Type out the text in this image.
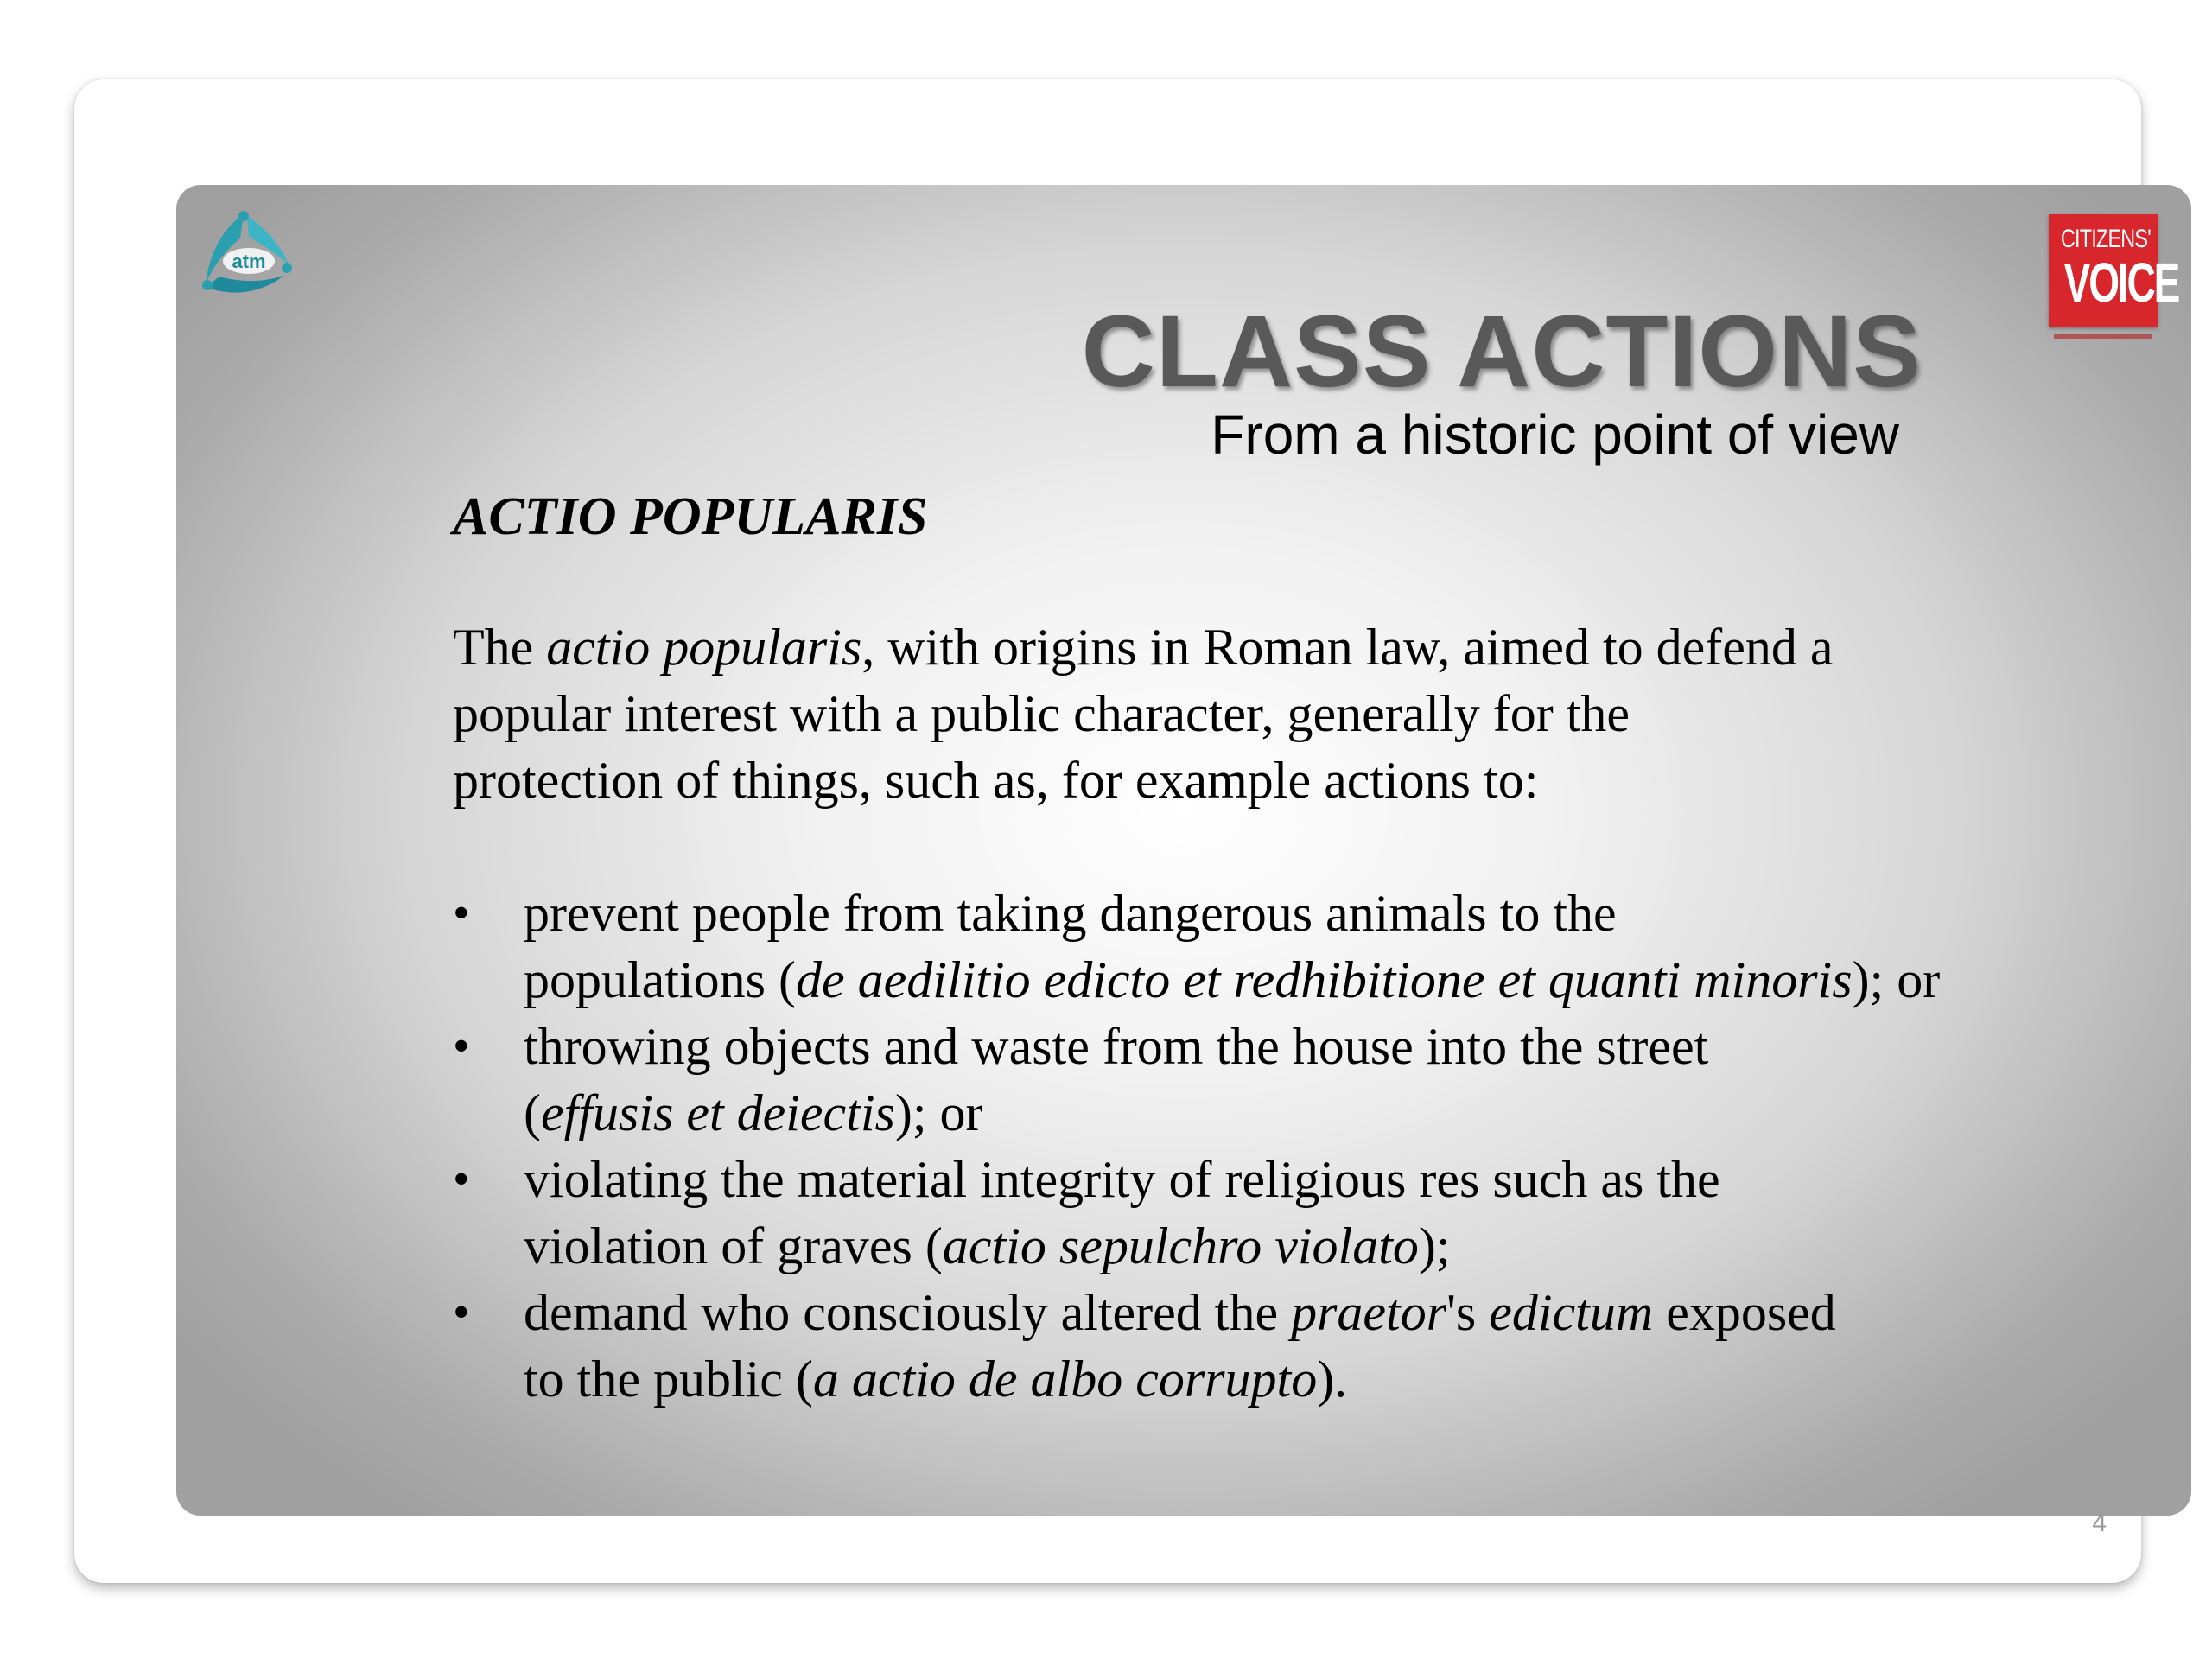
atm
CITIZENS'
VOICE
CLASS ACTIONS
From a historic point of view
ACTIO POPULARIS
The actio popularis, with origins in Roman law, aimed to defend a
popular interest with a public character, generally for the
protection of things, such as, for example actions to:
•	prevent people from taking dangerous animals to the
populations (de aedilitio edicto et redhibitione et quanti minoris); or
•	throwing objects and waste from the house into the street
(effusis et deiectis); or
•	violating the material integrity of religious res such as the
violation of graves (actio sepulchro violato);
•	demand who consciously altered the praetor's edictum exposed
to the public (a actio de albo corrupto).
4
